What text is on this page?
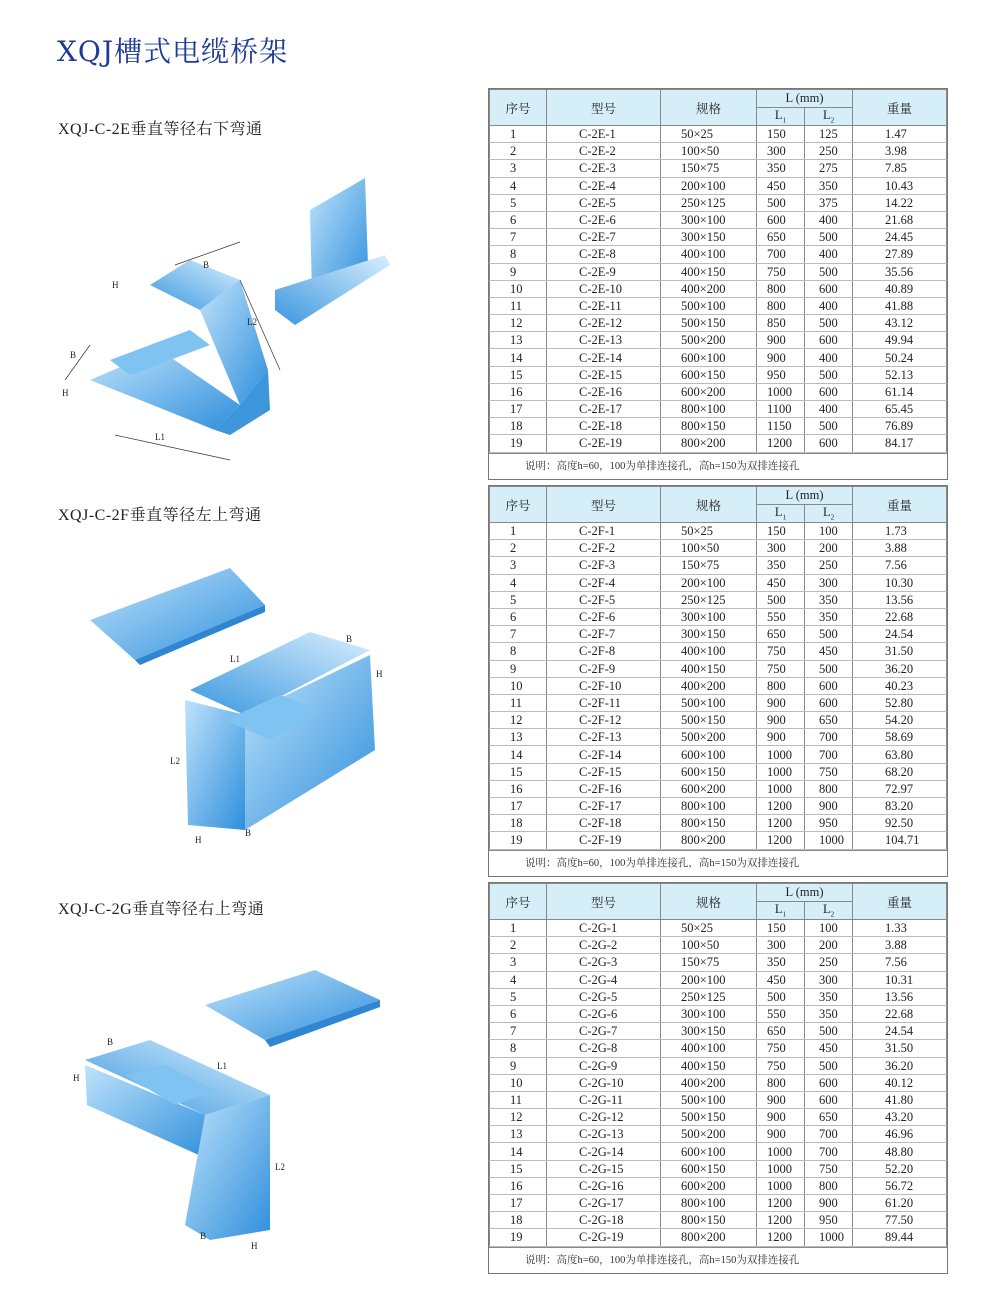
XQJ槽式电缆桥架
XQJ-C-2E垂直等径右下弯通
XQJ-C-2F垂直等径左上弯通
XQJ-C-2G垂直等径右上弯通
B
H
B
H
L1
L2
L1
B
H
L2
B
H
B
H
L1
L2
B
H
序号	型号	规格	L (mm)		重量
			$L_1$	$L_2$
1	C-2E-1	50×25	150	125	1.47
2	C-2E-2	100×50	300	250	3.98
3	C-2E-3	150×75	350	275	7.85
4	C-2E-4	200×100	450	350	10.43
5	C-2E-5	250×125	500	375	14.22
6	C-2E-6	300×100	600	400	21.68
7	C-2E-7	300×150	650	500	24.45
8	C-2E-8	400×100	700	400	27.89
9	C-2E-9	400×150	750	500	35.56
10	C-2E-10	400×200	800	600	40.89
11	C-2E-11	500×100	800	400	41.88
12	C-2E-12	500×150	850	500	43.12
13	C-2E-13	500×200	900	600	49.94
14	C-2E-14	600×100	900	400	50.24
15	C-2E-15	600×150	950	500	52.13
16	C-2E-16	600×200	1000	600	61.14
17	C-2E-17	800×100	1100	400	65.45
18	C-2E-18	800×150	1150	500	76.89
19	C-2E-19	800×200	1200	600	84.17
说明：高度h=60，100为单排连接孔，高h=150为双排连接孔
序号	型号	规格	L (mm)		重量
			$L_1$	$L_2$
1	C-2F-1	50×25	150	100	1.73
2	C-2F-2	100×50	300	200	3.88
3	C-2F-3	150×75	350	250	7.56
4	C-2F-4	200×100	450	300	10.30
5	C-2F-5	250×125	500	350	13.56
6	C-2F-6	300×100	550	350	22.68
7	C-2F-7	300×150	650	500	24.54
8	C-2F-8	400×100	750	450	31.50
9	C-2F-9	400×150	750	500	36.20
10	C-2F-10	400×200	800	600	40.23
11	C-2F-11	500×100	900	600	52.80
12	C-2F-12	500×150	900	650	54.20
13	C-2F-13	500×200	900	700	58.69
14	C-2F-14	600×100	1000	700	63.80
15	C-2F-15	600×150	1000	750	68.20
16	C-2F-16	600×200	1000	800	72.97
17	C-2F-17	800×100	1200	900	83.20
18	C-2F-18	800×150	1200	950	92.50
19	C-2F-19	800×200	1200	1000	104.71
说明：高度h=60，100为单排连接孔，高h=150为双排连接孔
序号	型号	规格	L (mm)		重量
			$L_1$	$L_2$
1	C-2G-1	50×25	150	100	1.33
2	C-2G-2	100×50	300	200	3.88
3	C-2G-3	150×75	350	250	7.56
4	C-2G-4	200×100	450	300	10.31
5	C-2G-5	250×125	500	350	13.56
6	C-2G-6	300×100	550	350	22.68
7	C-2G-7	300×150	650	500	24.54
8	C-2G-8	400×100	750	450	31.50
9	C-2G-9	400×150	750	500	36.20
10	C-2G-10	400×200	800	600	40.12
11	C-2G-11	500×100	900	600	41.80
12	C-2G-12	500×150	900	650	43.20
13	C-2G-13	500×200	900	700	46.96
14	C-2G-14	600×100	1000	700	48.80
15	C-2G-15	600×150	1000	750	52.20
16	C-2G-16	600×200	1000	800	56.72
17	C-2G-17	800×100	1200	900	61.20
18	C-2G-18	800×150	1200	950	77.50
19	C-2G-19	800×200	1200	1000	89.44
说明：高度h=60，100为单排连接孔，高h=150为双排连接孔
